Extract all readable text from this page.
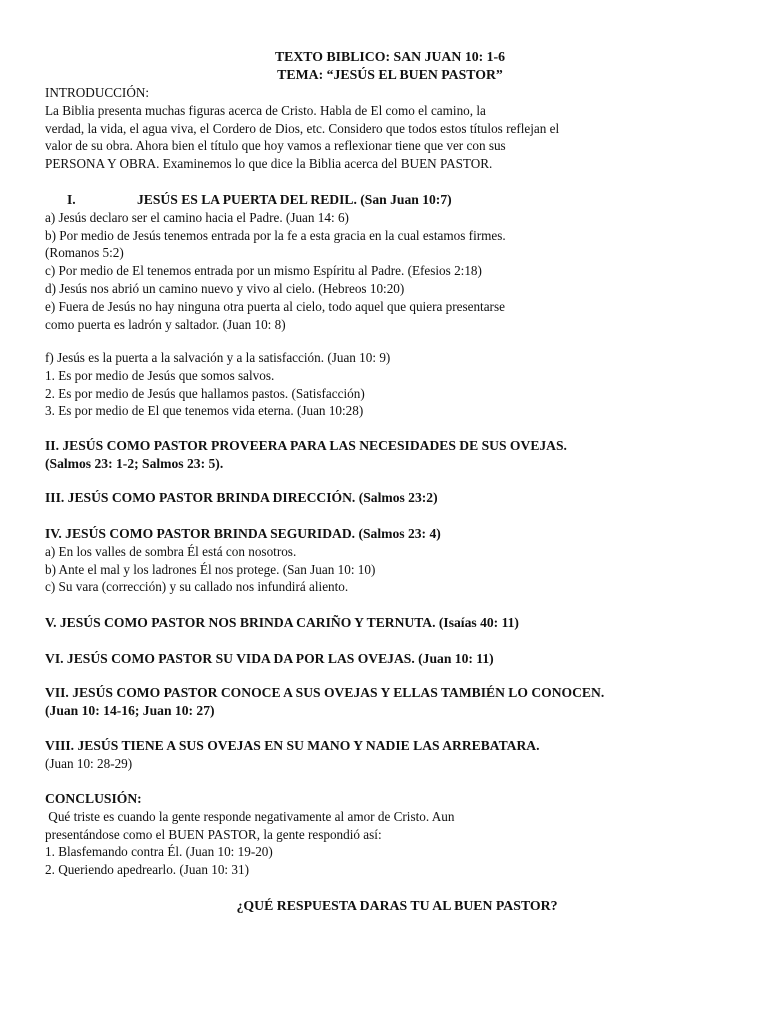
TEXTO BIBLICO: SAN JUAN 10: 1-6
TEMA: “JESÚS EL BUEN PASTOR”
INTRODUCCIÓN:
La Biblia presenta muchas figuras acerca de Cristo. Habla de El como el camino, la
verdad, la vida, el agua viva, el Cordero de Dios, etc. Considero que todos estos títulos reflejan el
valor de su obra. Ahora bien el título que hoy vamos a reflexionar tiene que ver con sus
PERSONA Y OBRA. Examinemos lo que dice la Biblia acerca del BUEN PASTOR.
I.	JESÚS ES LA PUERTA DEL REDIL. (San Juan 10:7)
a) Jesús declaro ser el camino hacia el Padre. (Juan 14: 6)
b) Por medio de Jesús tenemos entrada por la fe a esta gracia en la cual estamos firmes.
(Romanos 5:2)
c) Por medio de El tenemos entrada por un mismo Espíritu al Padre. (Efesios 2:18)
d) Jesús nos abrió un camino nuevo y vivo al cielo. (Hebreos 10:20)
e) Fuera de Jesús no hay ninguna otra puerta al cielo, todo aquel que quiera presentarse
como puerta es ladrón y saltador. (Juan 10: 8)
f) Jesús es la puerta a la salvación y a la satisfacción. (Juan 10: 9)
1. Es por medio de Jesús que somos salvos.
2. Es por medio de Jesús que hallamos pastos. (Satisfacción)
3. Es por medio de El que tenemos vida eterna. (Juan 10:28)
II. JESÚS COMO PASTOR PROVEERA PARA LAS NECESIDADES DE SUS OVEJAS.
(Salmos 23: 1-2; Salmos 23: 5).
III. JESÚS COMO PASTOR BRINDA DIRECCIÓN. (Salmos 23:2)
IV. JESÚS COMO PASTOR BRINDA SEGURIDAD. (Salmos 23: 4)
a) En los valles de sombra Él está con nosotros.
b) Ante el mal y los ladrones Él nos protege. (San Juan 10: 10)
c) Su vara (corrección) y su callado nos infundirá aliento.
V. JESÚS COMO PASTOR NOS BRINDA CARIÑO Y TERNUTA. (Isaías 40: 11)
VI. JESÚS COMO PASTOR SU VIDA DA POR LAS OVEJAS. (Juan 10: 11)
VII. JESÚS COMO PASTOR CONOCE A SUS OVEJAS Y ELLAS TAMBIÉN LO CONOCEN.
(Juan 10: 14-16; Juan 10: 27)
VIII. JESÚS TIENE A SUS OVEJAS EN SU MANO Y NADIE LAS ARREBATARA.
(Juan 10: 28-29)
CONCLUSIÓN:
Qué triste es cuando la gente responde negativamente al amor de Cristo. Aun
presentándose como el BUEN PASTOR, la gente respondió así:
1. Blasfemando contra Él. (Juan 10: 19-20)
2. Queriendo apedrearlo. (Juan 10: 31)
¿QUÉ RESPUESTA DARAS TU AL BUEN PASTOR?
